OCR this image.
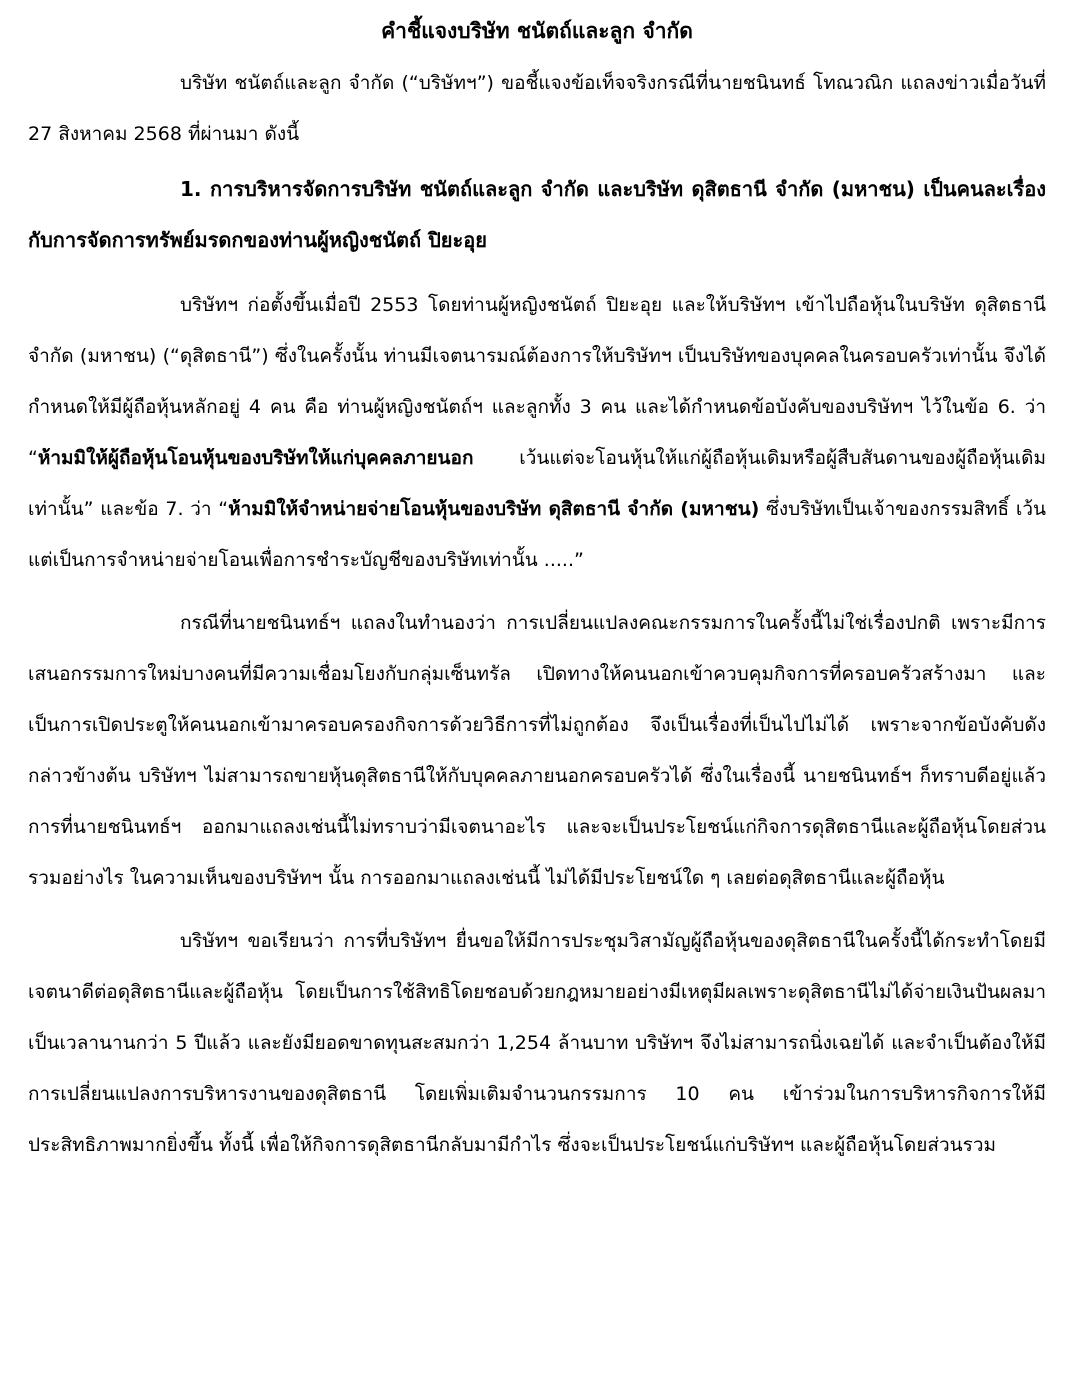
คำชี้แจงบริษัท ชนัตถ์และลูก จำกัด

บริษัท ชนัตถ์และลูก จำกัด (“บริษัทฯ”) ขอชี้แจงข้อเท็จจริงกรณีที่นายชนินทธ์ โทณวณิก แถลงข่าวเมื่อวันที่ 27 สิงหาคม 2568 ที่ผ่านมา ดังนี้

1. การบริหารจัดการบริษัท ชนัตถ์และลูก จำกัด และบริษัท ดุสิตธานี จำกัด (มหาชน) เป็นคนละเรื่องกับการจัดการทรัพย์มรดกของท่านผู้หญิงชนัตถ์ ปิยะอุย

บริษัทฯ ก่อตั้งขึ้นเมื่อปี 2553 โดยท่านผู้หญิงชนัตถ์ ปิยะอุย และให้บริษัทฯ เข้าไปถือหุ้นในบริษัท ดุสิตธานี จำกัด (มหาชน) (“ดุสิตธานี”) ซึ่งในครั้งนั้น ท่านมีเจตนารมณ์ต้องการให้บริษัทฯ เป็นบริษัทของบุคคลในครอบครัวเท่านั้น จึงได้กำหนดให้มีผู้ถือหุ้นหลักอยู่ 4 คน คือ ท่านผู้หญิงชนัตถ์ฯ และลูกทั้ง 3 คน และได้กำหนดข้อบังคับของบริษัทฯ ไว้ในข้อ 6. ว่า “ห้ามมิให้ผู้ถือหุ้นโอนหุ้นของบริษัทให้แก่บุคคลภายนอก เว้นแต่จะโอนหุ้นให้แก่ผู้ถือหุ้นเดิมหรือผู้สืบสันดานของผู้ถือหุ้นเดิมเท่านั้น” และข้อ 7. ว่า “ห้ามมิให้จำหน่ายจ่ายโอนหุ้นของบริษัท ดุสิตธานี จำกัด (มหาชน) ซึ่งบริษัทเป็นเจ้าของกรรมสิทธิ์ เว้นแต่เป็นการจำหน่ายจ่ายโอนเพื่อการชำระบัญชีของบริษัทเท่านั้น .....”

กรณีที่นายชนินทธ์ฯ แถลงในทำนองว่า การเปลี่ยนแปลงคณะกรรมการในครั้งนี้ไม่ใช่เรื่องปกติ เพราะมีการเสนอกรรมการใหม่บางคนที่มีความเชื่อมโยงกับกลุ่มเซ็นทรัล เปิดทางให้คนนอกเข้าควบคุมกิจการที่ครอบครัวสร้างมา และเป็นการเปิดประตูให้คนนอกเข้ามาครอบครองกิจการด้วยวิธีการที่ไม่ถูกต้อง จึงเป็นเรื่องที่เป็นไปไม่ได้ เพราะจากข้อบังคับดังกล่าวข้างต้น บริษัทฯ ไม่สามารถขายหุ้นดุสิตธานีให้กับบุคคลภายนอกครอบครัวได้ ซึ่งในเรื่องนี้ นายชนินทธ์ฯ ก็ทราบดีอยู่แล้ว การที่นายชนินทธ์ฯ ออกมาแถลงเช่นนี้ไม่ทราบว่ามีเจตนาอะไร และจะเป็นประโยชน์แก่กิจการดุสิตธานีและผู้ถือหุ้นโดยส่วนรวมอย่างไร ในความเห็นของบริษัทฯ นั้น การออกมาแถลงเช่นนี้ ไม่ได้มีประโยชน์ใด ๆ เลยต่อดุสิตธานีและผู้ถือหุ้น

บริษัทฯ ขอเรียนว่า การที่บริษัทฯ ยื่นขอให้มีการประชุมวิสามัญผู้ถือหุ้นของดุสิตธานีในครั้งนี้ได้กระทำโดยมีเจตนาดีต่อดุสิตธานีและผู้ถือหุ้น โดยเป็นการใช้สิทธิโดยชอบด้วยกฎหมายอย่างมีเหตุมีผลเพราะดุสิตธานีไม่ได้จ่ายเงินปันผลมาเป็นเวลานานกว่า 5 ปีแล้ว และยังมียอดขาดทุนสะสมกว่า 1,254 ล้านบาท บริษัทฯ จึงไม่สามารถนิ่งเฉยได้ และจำเป็นต้องให้มีการเปลี่ยนแปลงการบริหารงานของดุสิตธานี โดยเพิ่มเติมจำนวนกรรมการ 10 คน เข้าร่วมในการบริหารกิจการให้มีประสิทธิภาพมากยิ่งขึ้น ทั้งนี้ เพื่อให้กิจการดุสิตธานีกลับมามีกำไร ซึ่งจะเป็นประโยชน์แก่บริษัทฯ และผู้ถือหุ้นโดยส่วนรวม
